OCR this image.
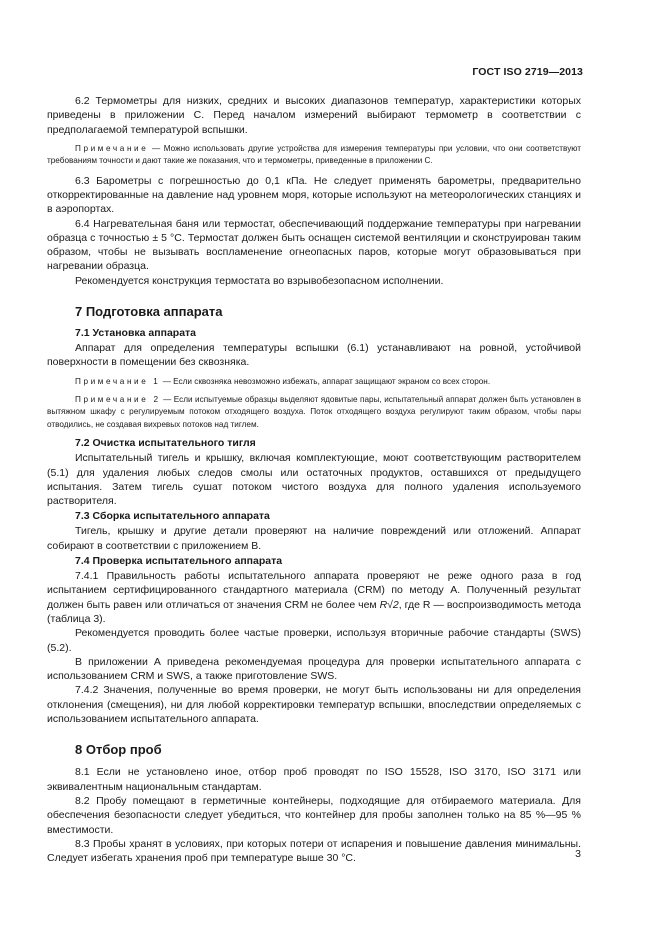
ГОСТ ISO 2719—2013

6.2 Термометры для низких, средних и высоких диапазонов температур, характеристики которых приведены в приложении C. Перед началом измерений выбирают термометр в соответствии с предполагаемой температурой вспышки.

Примечание — Можно использовать другие устройства для измерения температуры при условии, что они соответствуют требованиям точности и дают такие же показания, что и термометры, приведенные в приложении C.

6.3 Барометры с погрешностью до 0,1 кПа. Не следует применять барометры, предварительно откорректированные на давление над уровнем моря, которые используют на метеорологических станциях и в аэропортах.

6.4 Нагревательная баня или термостат, обеспечивающий поддержание температуры при нагревании образца с точностью ± 5 °С. Термостат должен быть оснащен системой вентиляции и сконструирован таким образом, чтобы не вызывать воспламенение огнеопасных паров, которые могут образовываться при нагревании образца.

Рекомендуется конструкция термостата во взрывобезопасном исполнении.

7 Подготовка аппарата
7.1 Установка аппарата

Аппарат для определения температуры вспышки (6.1) устанавливают на ровной, устойчивой поверхности в помещении без сквозняка.

Примечание 1 — Если сквозняка невозможно избежать, аппарат защищают экраном со всех сторон.

Примечание 2 — Если испытуемые образцы выделяют ядовитые пары, испытательный аппарат должен быть установлен в вытяжном шкафу с регулируемым потоком отходящего воздуха. Поток отходящего воздуха регулируют таким образом, чтобы пары отводились, не создавая вихревых потоков над тиглем.

7.2 Очистка испытательного тигля

Испытательный тигель и крышку, включая комплектующие, моют соответствующим растворителем (5.1) для удаления любых следов смолы или остаточных продуктов, оставшихся от предыдущего испытания. Затем тигель сушат потоком чистого воздуха для полного удаления используемого растворителя.

7.3 Сборка испытательного аппарата

Тигель, крышку и другие детали проверяют на наличие повреждений или отложений. Аппарат собирают в соответствии с приложением B.

7.4 Проверка испытательного аппарата

7.4.1 Правильность работы испытательного аппарата проверяют не реже одного раза в год испытанием сертифицированного стандартного материала (CRM) по методу А. Полученный результат должен быть равен или отличаться от значения CRM не более чем R√2, где R — воспроизводимость метода (таблица 3).

Рекомендуется проводить более частые проверки, используя вторичные рабочие стандарты (SWS) (5.2).

В приложении А приведена рекомендуемая процедура для проверки испытательного аппарата с использованием CRM и SWS, а также приготовление SWS.

7.4.2 Значения, полученные во время проверки, не могут быть использованы ни для определения отклонения (смещения), ни для любой корректировки температур вспышки, впоследствии определяемых с использованием испытательного аппарата.

8 Отбор проб

8.1 Если не установлено иное, отбор проб проводят по ISO 15528, ISO 3170, ISO 3171 или эквивалентным национальным стандартам.

8.2 Пробу помещают в герметичные контейнеры, подходящие для отбираемого материала. Для обеспечения безопасности следует убедиться, что контейнер для пробы заполнен только на 85 %—95 % вместимости.

8.3 Пробы хранят в условиях, при которых потери от испарения и повышение давления минимальны. Следует избегать хранения проб при температуре выше 30 °С.	3
